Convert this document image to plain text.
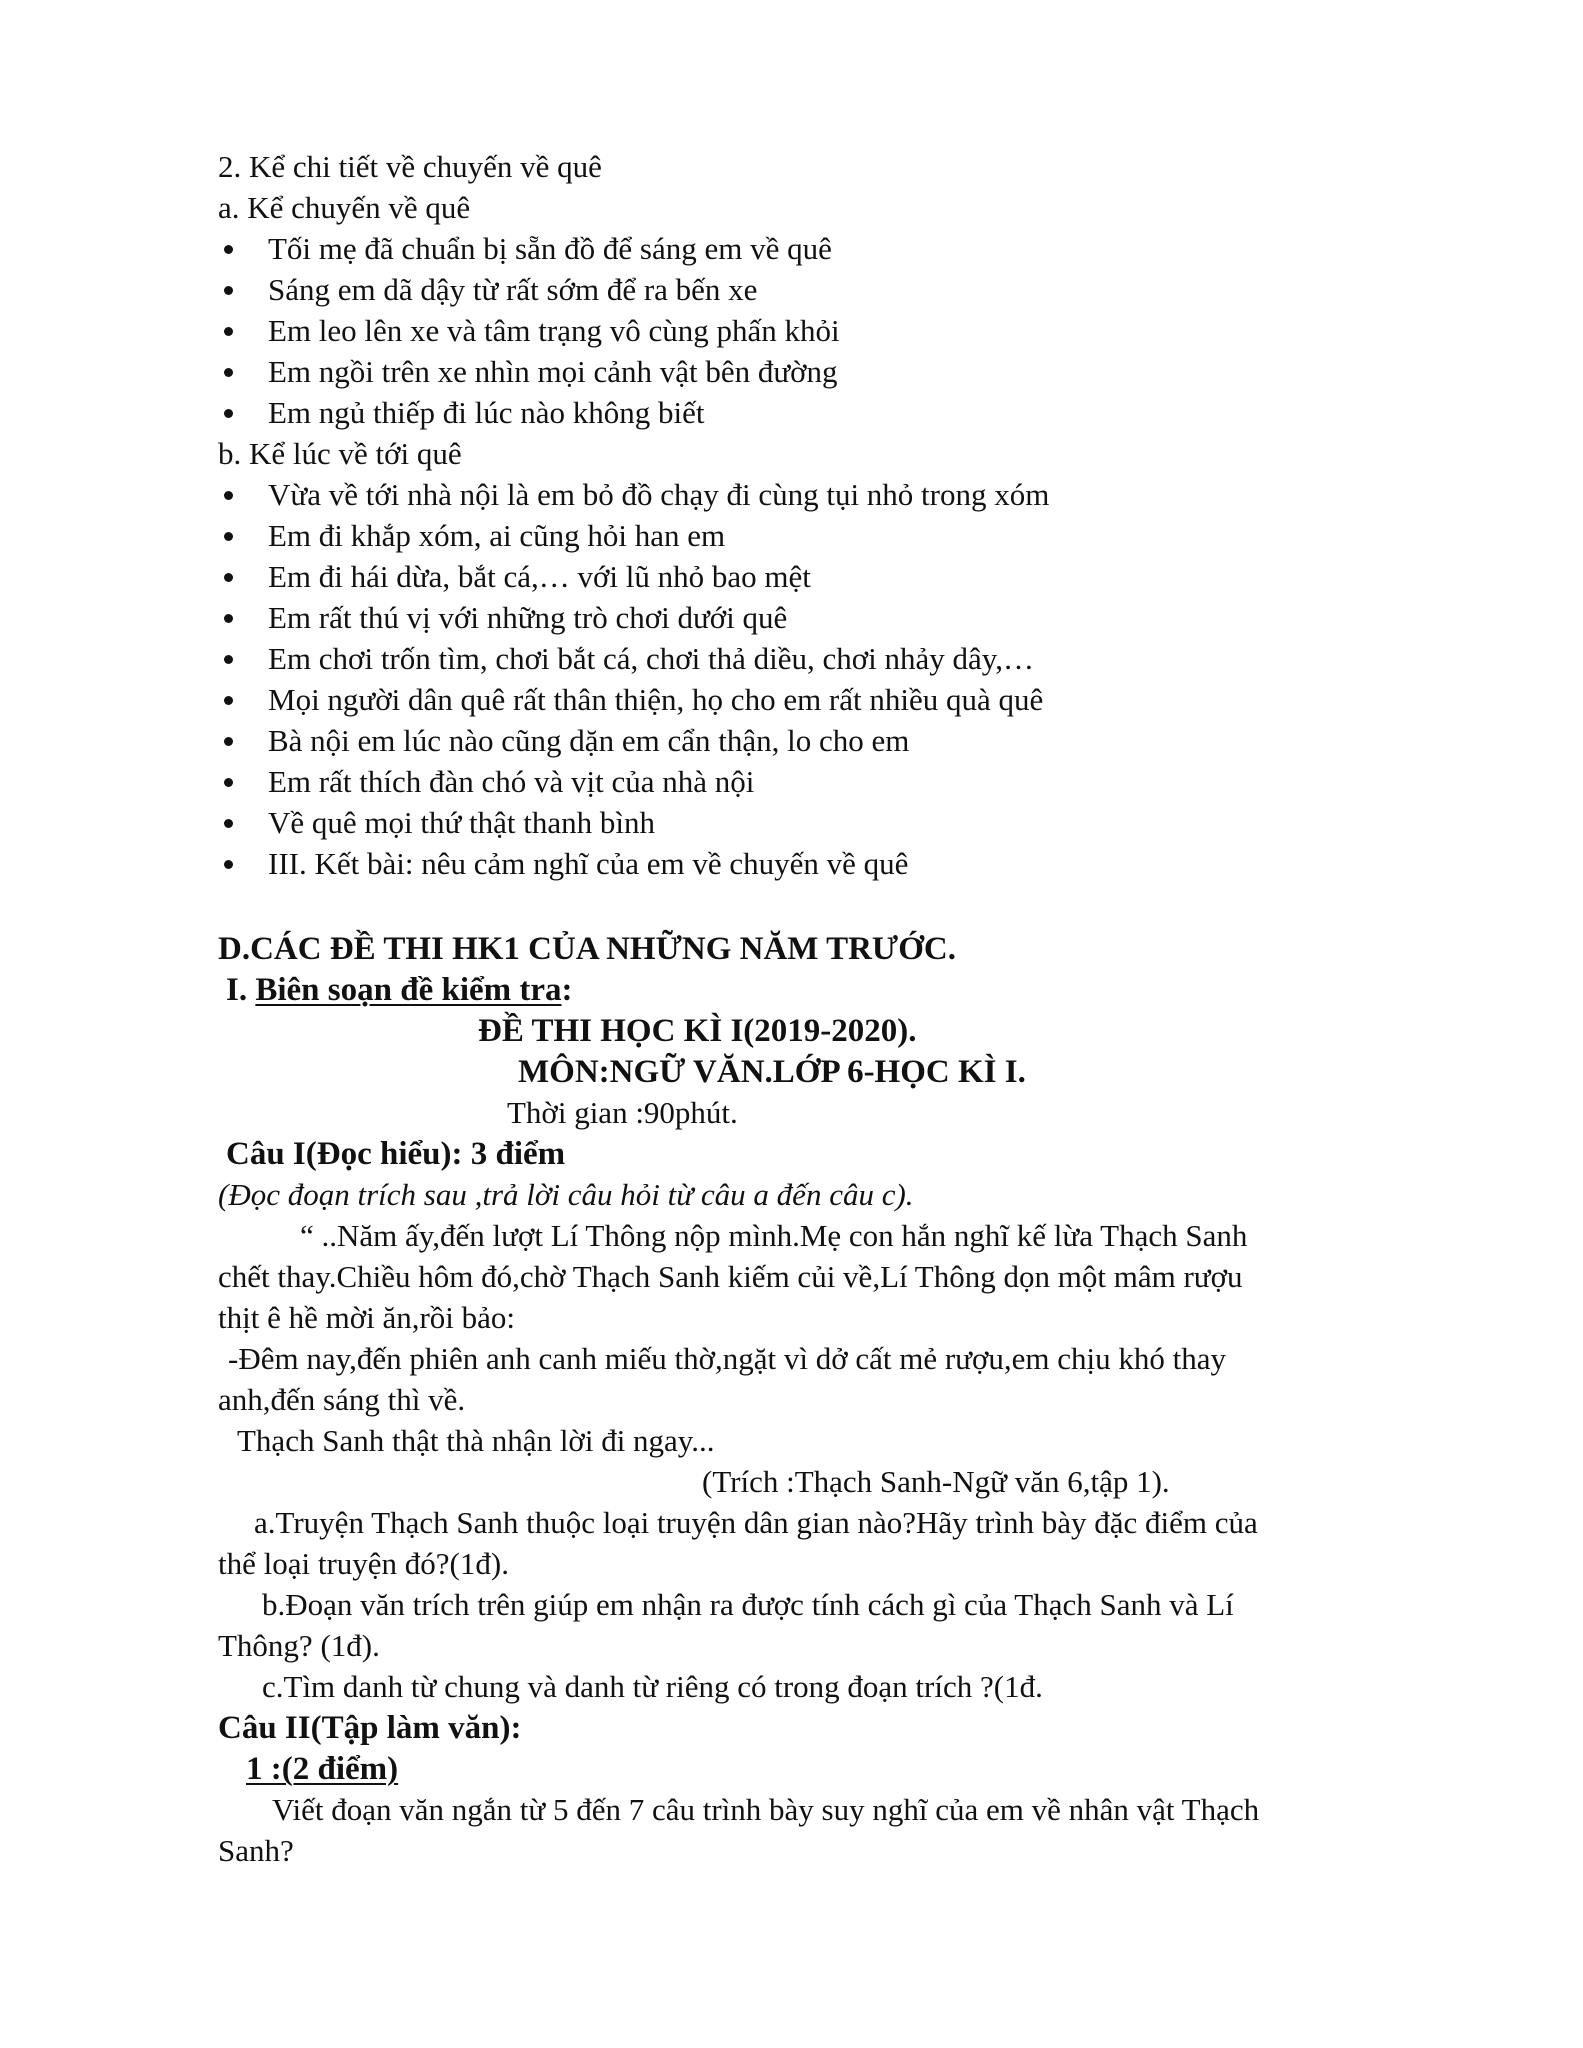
2. Kể chi tiết về chuyến về quê
a. Kể chuyến về quê
Tối mẹ đã chuẩn bị sẵn đồ để sáng em về quê
Sáng em dã dậy từ rất sớm để ra bến xe
Em leo lên xe và tâm trạng vô cùng phấn khỏi
Em ngồi trên xe nhìn mọi cảnh vật bên đường
Em ngủ thiếp đi lúc nào không biết
b. Kể lúc về tới quê
Vừa về tới nhà nội là em bỏ đồ chạy đi cùng tụi nhỏ trong xóm
Em đi khắp xóm, ai cũng hỏi han em
Em đi hái dừa, bắt cá,… với lũ nhỏ bao mệt
Em rất thú vị với những trò chơi dưới quê
Em chơi trốn tìm, chơi bắt cá, chơi thả diều, chơi nhảy dây,…
Mọi người dân quê rất thân thiện, họ cho em rất nhiều quà quê
Bà nội em lúc nào cũng dặn em cẩn thận, lo cho em
Em rất thích đàn chó và vịt của nhà nội
Về quê mọi thứ thật thanh bình
III. Kết bài: nêu cảm nghĩ của em về chuyến về quê
D.CÁC ĐỀ THI HK1 CỦA NHỮNG NĂM TRƯỚC.
I. Biên soạn đề kiểm tra:
ĐỀ THI HỌC KÌ I(2019-2020).
MÔN:NGỮ VĂN.LỚP 6-HỌC KÌ I.
Thời gian :90phút.
Câu I(Đọc hiểu): 3 điểm
(Đọc đoạn trích sau ,trả lời câu hỏi từ câu a đến câu c).
“ ..Năm ấy,đến lượt Lí Thông nộp mình.Mẹ con hắn nghĩ kế lừa Thạch Sanh
chết thay.Chiều hôm đó,chờ Thạch Sanh kiếm củi về,Lí Thông dọn một mâm rượu
thịt ê hề mời ăn,rồi bảo:
-Đêm nay,đến phiên anh canh miếu thờ,ngặt vì dở cất mẻ rượu,em chịu khó thay
anh,đến sáng thì về.
Thạch Sanh thật thà nhận lời đi ngay...
(Trích :Thạch Sanh-Ngữ văn 6,tập 1).
a.Truyện Thạch Sanh thuộc loại truyện dân gian nào?Hãy trình bày đặc điểm của
thể loại truyện đó?(1đ).
b.Đoạn văn trích trên giúp em nhận ra được tính cách gì của Thạch Sanh và Lí
Thông? (1đ).
c.Tìm danh từ chung và danh từ riêng có trong đoạn trích ?(1đ.
Câu II(Tập làm văn):
1 :(2 điểm)
Viết đoạn văn ngắn từ 5 đến 7 câu trình bày suy nghĩ của em về nhân vật Thạch
Sanh?
